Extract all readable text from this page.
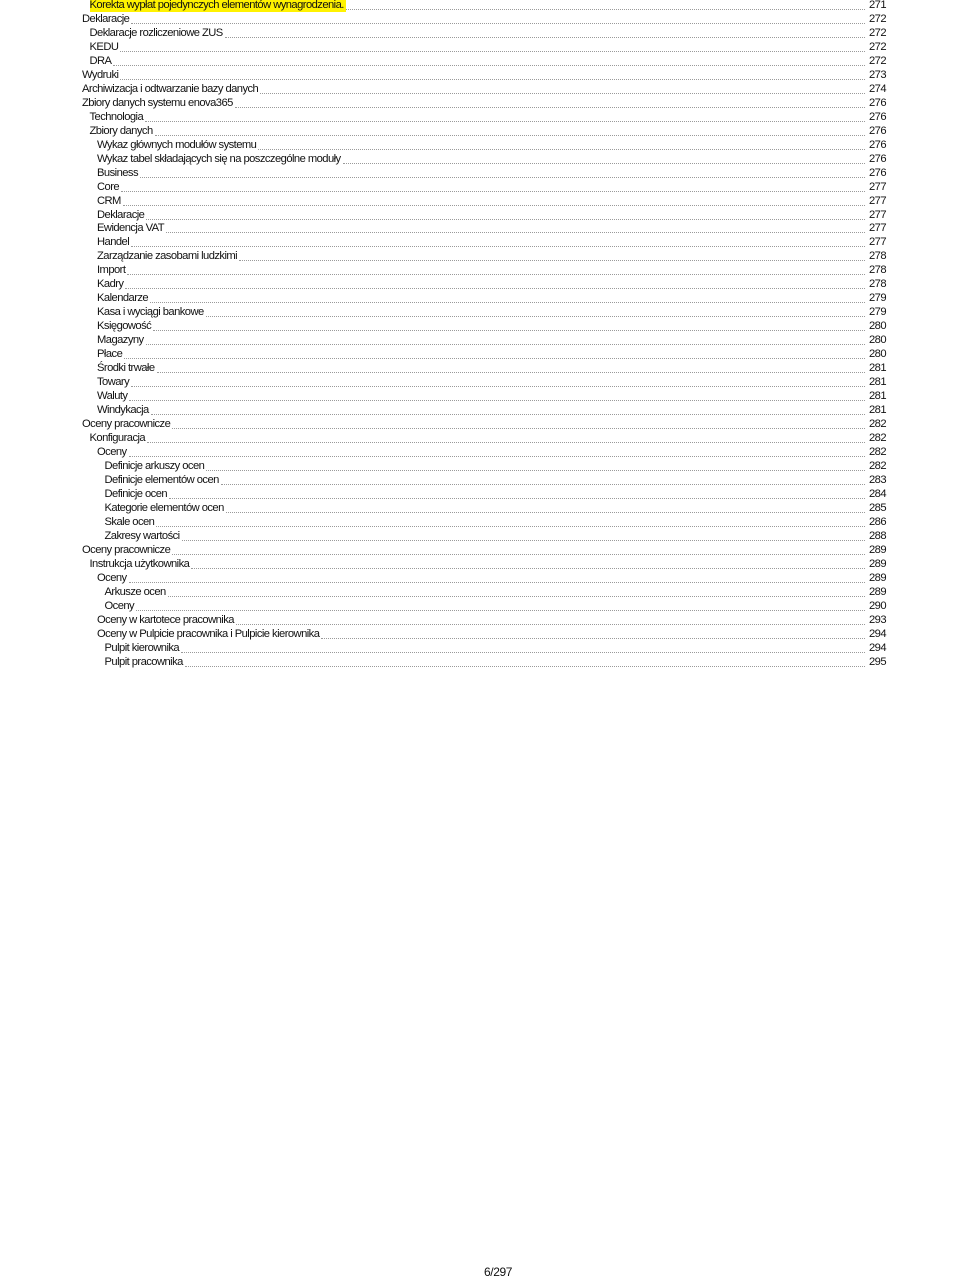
Korekta wypłat pojedynczych elementów wynagrodzenia.	271
Deklaracje	272
Deklaracje rozliczeniowe ZUS	272
KEDU	272
DRA	272
Wydruki	273
Archiwizacja i odtwarzanie bazy danych	274
Zbiory danych systemu enova365	276
Technologia	276
Zbiory danych	276
Wykaz głównych modułów systemu	276
Wykaz tabel składających się na poszczególne moduły	276
Business	276
Core	277
CRM	277
Deklaracje	277
Ewidencja VAT	277
Handel	277
Zarządzanie zasobami ludzkimi	278
Import	278
Kadry	278
Kalendarze	279
Kasa i wyciągi bankowe	279
Księgowość	280
Magazyny	280
Płace	280
Środki trwałe	281
Towary	281
Waluty	281
Windykacja	281
Oceny pracownicze	282
Konfiguracja	282
Oceny	282
Definicje arkuszy ocen	282
Definicje elementów ocen	283
Definicje ocen	284
Kategorie elementów ocen	285
Skale ocen	286
Zakresy wartości	288
Oceny pracownicze	289
Instrukcja użytkownika	289
Oceny	289
Arkusze ocen	289
Oceny	290
Oceny w kartotece pracownika	293
Oceny w Pulpicie pracownika i Pulpicie kierownika	294
Pulpit kierownika	294
Pulpit pracownika	295
6/297
